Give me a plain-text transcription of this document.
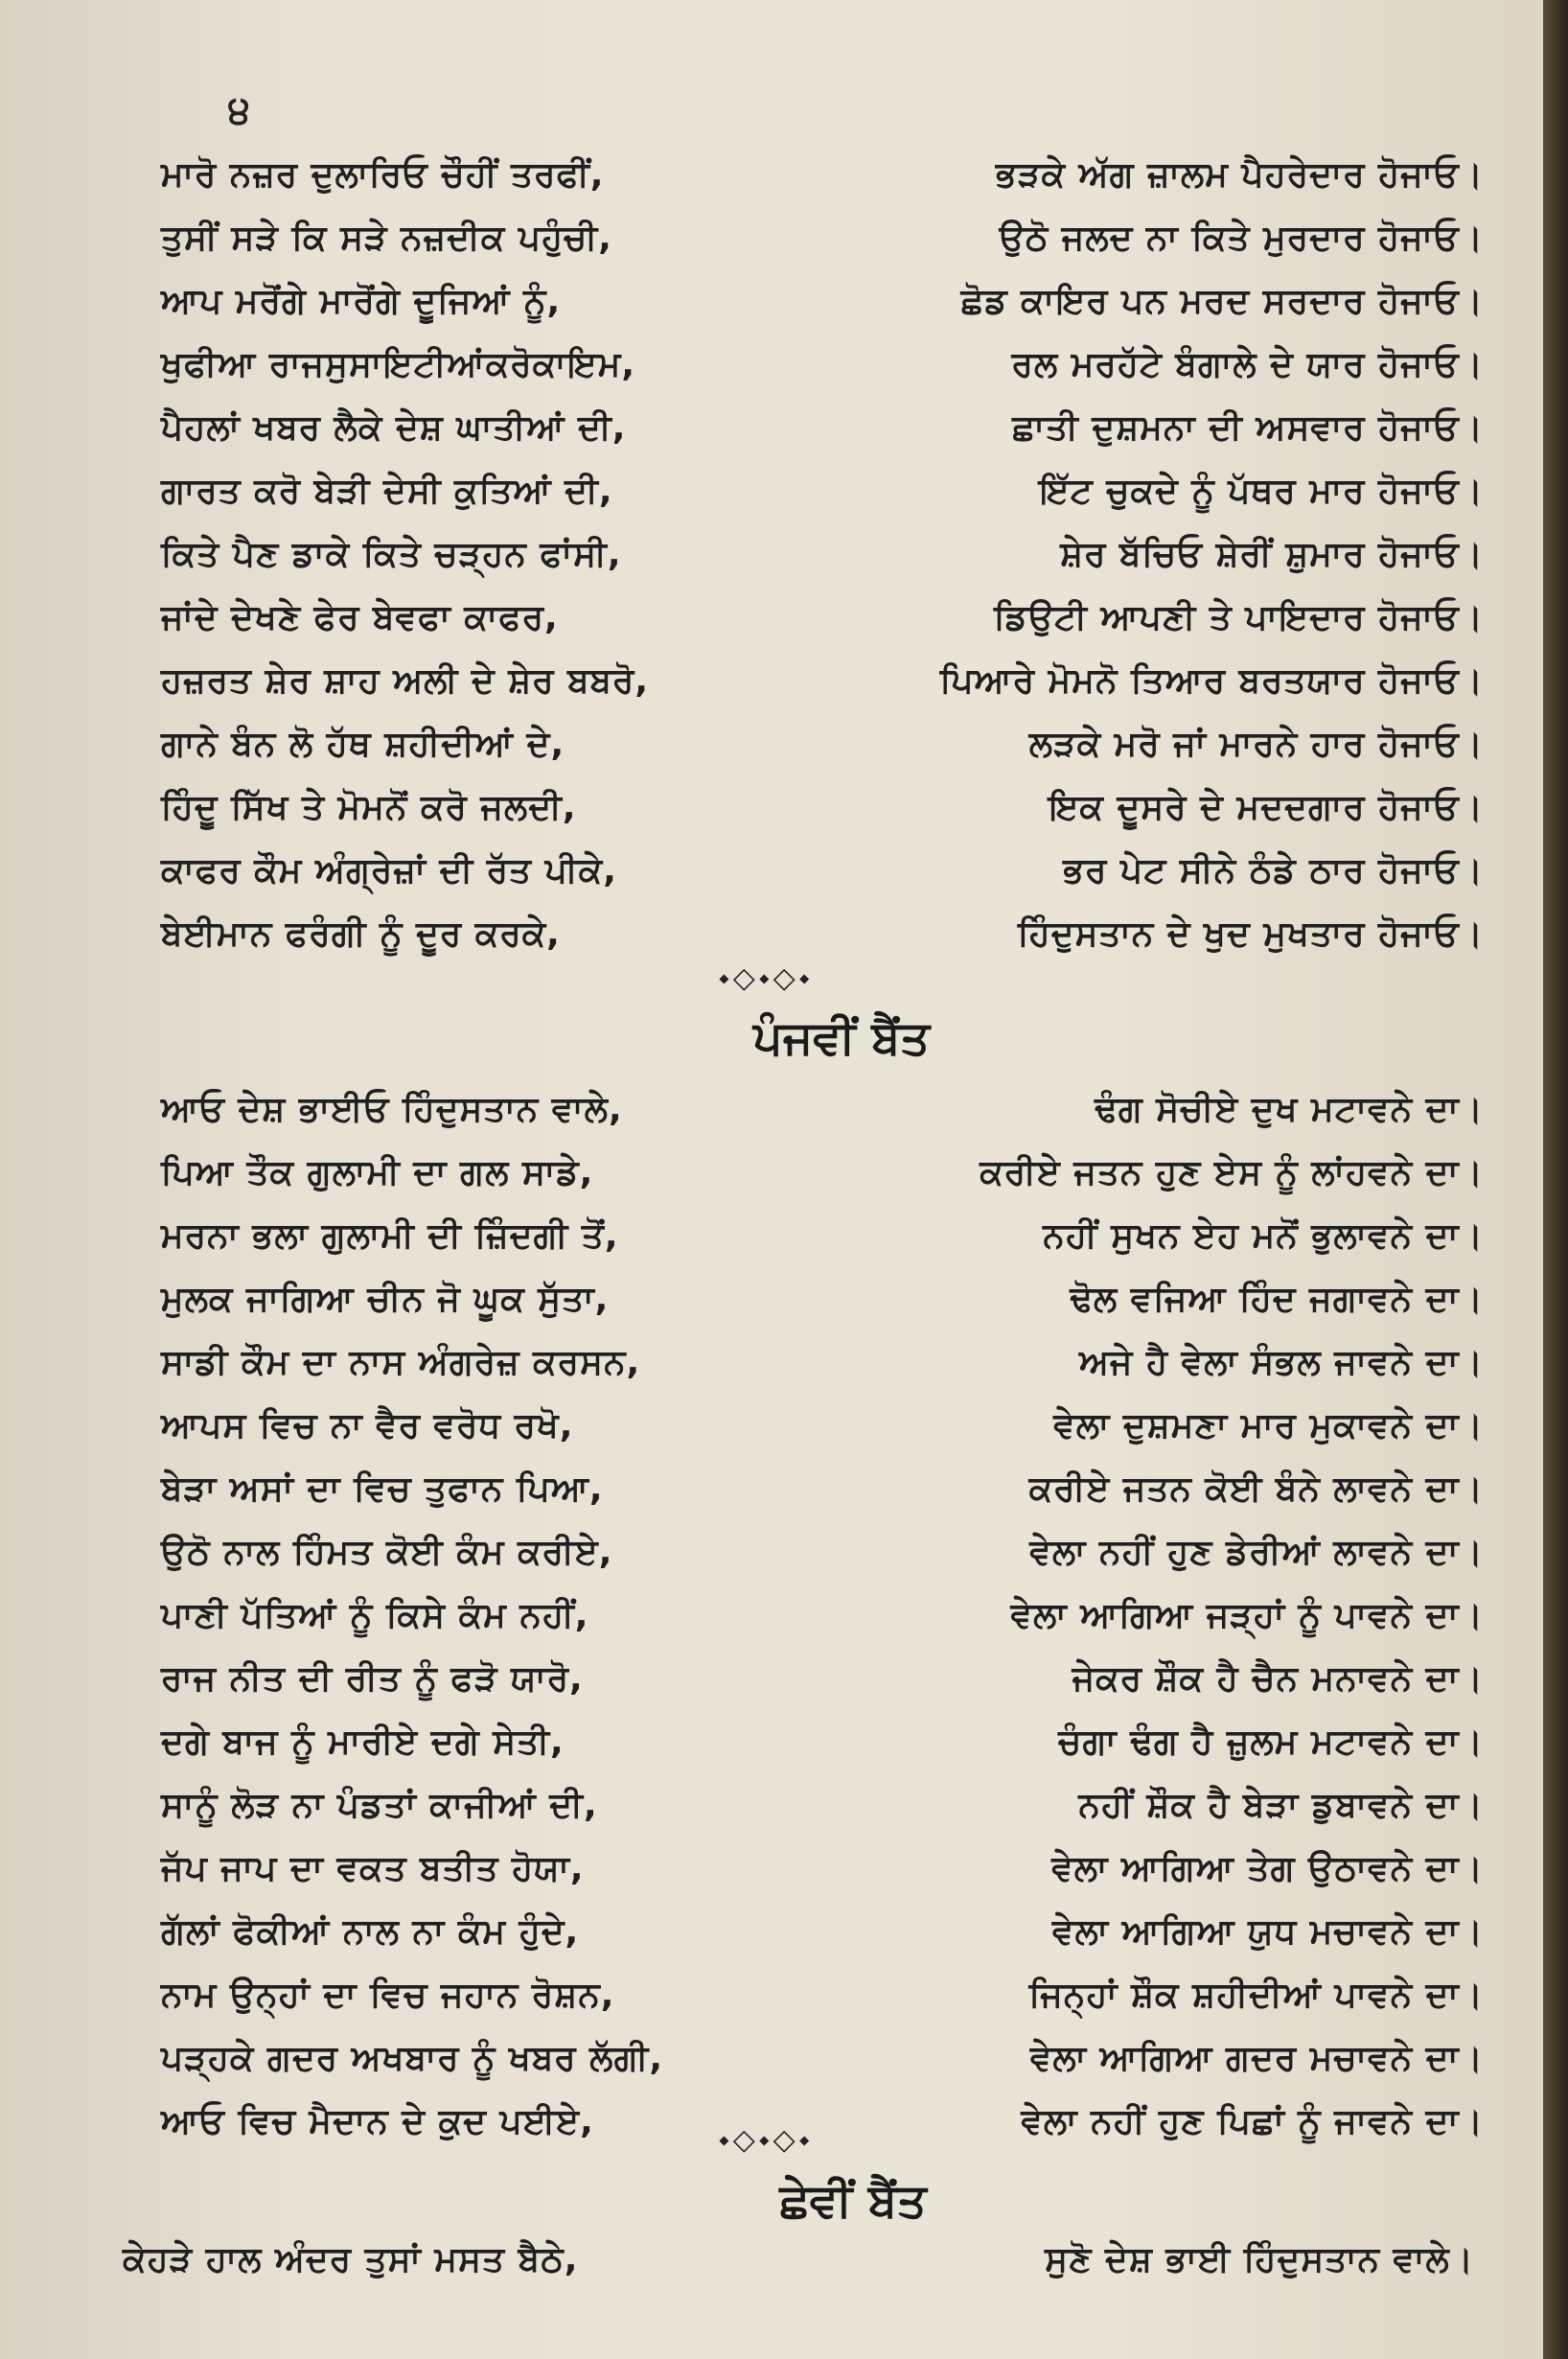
੪
ਮਾਰੋ ਨਜ਼ਰ ਦੁਲਾਰਿਓ ਚੌਹੀਂ ਤਰਫੀਂ,	ਭੜਕੇ ਅੱਗ ਜ਼ਾਲਮ ਪੈਹਰੇਦਾਰ ਹੋਜਾਓ।
ਤੁਸੀਂ ਸੜੇ ਕਿ ਸੜੇ ਨਜ਼ਦੀਕ ਪਹੁੰਚੀ,	ਉਠੋ ਜਲਦ ਨਾ ਕਿਤੇ ਮੁਰਦਾਰ ਹੋਜਾਓ।
ਆਪ ਮਰੋਂਗੇ ਮਾਰੋਂਗੇ ਦੂਜਿਆਂ ਨੂੰ,	ਛੋਡ ਕਾਇਰ ਪਨ ਮਰਦ ਸਰਦਾਰ ਹੋਜਾਓ।
ਖੁਫੀਆ ਰਾਜਸੁਸਾਇਟੀਆਂਕਰੋਕਾਇਮ,	ਰਲ ਮਰਹੱਟੇ ਬੰਗਾਲੇ ਦੇ ਯਾਰ ਹੋਜਾਓ।
ਪੈਹਲਾਂ ਖਬਰ ਲੈਕੇ ਦੇਸ਼ ਘਾਤੀਆਂ ਦੀ,	ਛਾਤੀ ਦੁਸ਼ਮਨਾ ਦੀ ਅਸਵਾਰ ਹੋਜਾਓ।
ਗਾਰਤ ਕਰੋ ਬੇੜੀ ਦੇਸੀ ਕੁਤਿਆਂ ਦੀ,	ਇੱਟ ਚੁਕਦੇ ਨੂੰ ਪੱਥਰ ਮਾਰ ਹੋਜਾਓ।
ਕਿਤੇ ਪੈਣ ਡਾਕੇ ਕਿਤੇ ਚੜ੍ਹਨ ਫਾਂਸੀ,	ਸ਼ੇਰ ਬੱਚਿਓ ਸ਼ੇਰੀਂ ਸ਼ੁਮਾਰ ਹੋਜਾਓ।
ਜਾਂਦੇ ਦੇਖਣੇ ਫੇਰ ਬੇਵਫਾ ਕਾਫਰ,	ਡਿਉਟੀ ਆਪਣੀ ਤੇ ਪਾਇਦਾਰ ਹੋਜਾਓ।
ਹਜ਼ਰਤ ਸ਼ੇਰ ਸ਼ਾਹ ਅਲੀ ਦੇ ਸ਼ੇਰ ਬਬਰੋ,	ਪਿਆਰੇ ਮੋਮਨੋ ਤਿਆਰ ਬਰਤਯਾਰ ਹੋਜਾਓ।
ਗਾਨੇ ਬੰਨ ਲੋ ਹੱਥ ਸ਼ਹੀਦੀਆਂ ਦੇ,	ਲੜਕੇ ਮਰੋ ਜਾਂ ਮਾਰਨੇ ਹਾਰ ਹੋਜਾਓ।
ਹਿੰਦੂ ਸਿੱਖ ਤੇ ਮੋਮਨੋਂ ਕਰੋ ਜਲਦੀ,	ਇਕ ਦੂਸਰੇ ਦੇ ਮਦਦਗਾਰ ਹੋਜਾਓ।
ਕਾਫਰ ਕੌਮ ਅੰਗ੍ਰੇਜ਼ਾਂ ਦੀ ਰੱਤ ਪੀਕੇ,	ਭਰ ਪੇਟ ਸੀਨੇ ਠੰਡੇ ਠਾਰ ਹੋਜਾਓ।
ਬੇਈਮਾਨ ਫਰੰਗੀ ਨੂੰ ਦੂਰ ਕਰਕੇ,	ਹਿੰਦੁਸਤਾਨ ਦੇ ਖੁਦ ਮੁਖਤਾਰ ਹੋਜਾਓ।
⬩◇⬩◇⬩
ਪੰਜਵੀਂ ਬੈਂਤ
ਆਓ ਦੇਸ਼ ਭਾਈਓ ਹਿੰਦੁਸਤਾਨ ਵਾਲੇ,	ਢੰਗ ਸੋਚੀਏ ਦੁਖ ਮਟਾਵਨੇ ਦਾ।
ਪਿਆ ਤੌਕ ਗੁਲਾਮੀ ਦਾ ਗਲ ਸਾਡੇ,	ਕਰੀਏ ਜਤਨ ਹੁਣ ਏਸ ਨੂੰ ਲਾਂਹਵਨੇ ਦਾ।
ਮਰਨਾ ਭਲਾ ਗੁਲਾਮੀ ਦੀ ਜ਼ਿੰਦਗੀ ਤੋਂ,	ਨਹੀਂ ਸੁਖਨ ਏਹ ਮਨੋਂ ਭੁਲਾਵਨੇ ਦਾ।
ਮੁਲਕ ਜਾਗਿਆ ਚੀਨ ਜੋ ਘੂਕ ਸੁੱਤਾ,	ਢੋਲ ਵਜਿਆ ਹਿੰਦ ਜਗਾਵਨੇ ਦਾ।
ਸਾਡੀ ਕੌਮ ਦਾ ਨਾਸ ਅੰਗਰੇਜ਼ ਕਰਸਨ,	ਅਜੇ ਹੈ ਵੇਲਾ ਸੰਭਲ ਜਾਵਨੇ ਦਾ।
ਆਪਸ ਵਿਚ ਨਾ ਵੈਰ ਵਰੋਧ ਰਖੋ,	ਵੇਲਾ ਦੁਸ਼ਮਣਾ ਮਾਰ ਮੁਕਾਵਨੇ ਦਾ।
ਬੇੜਾ ਅਸਾਂ ਦਾ ਵਿਚ ਤੁਫਾਨ ਪਿਆ,	ਕਰੀਏ ਜਤਨ ਕੋਈ ਬੰਨੇ ਲਾਵਨੇ ਦਾ।
ਉਠੋ ਨਾਲ ਹਿੰਮਤ ਕੋਈ ਕੰਮ ਕਰੀਏ,	ਵੇਲਾ ਨਹੀਂ ਹੁਣ ਡੇਰੀਆਂ ਲਾਵਨੇ ਦਾ।
ਪਾਣੀ ਪੱਤਿਆਂ ਨੂੰ ਕਿਸੇ ਕੰਮ ਨਹੀਂ,	ਵੇਲਾ ਆਗਿਆ ਜੜ੍ਹਾਂ ਨੂੰ ਪਾਵਨੇ ਦਾ।
ਰਾਜ ਨੀਤ ਦੀ ਰੀਤ ਨੂੰ ਫੜੋ ਯਾਰੋ,	ਜੇਕਰ ਸ਼ੌਕ ਹੈ ਚੈਨ ਮਨਾਵਨੇ ਦਾ।
ਦਗੇ ਬਾਜ ਨੂੰ ਮਾਰੀਏ ਦਗੇ ਸੇਤੀ,	ਚੰਗਾ ਢੰਗ ਹੈ ਜ਼ੁਲਮ ਮਟਾਵਨੇ ਦਾ।
ਸਾਨੂੰ ਲੋੜ ਨਾ ਪੰਡਤਾਂ ਕਾਜੀਆਂ ਦੀ,	ਨਹੀਂ ਸ਼ੌਕ ਹੈ ਬੇੜਾ ਡੁਬਾਵਨੇ ਦਾ।
ਜੱਪ ਜਾਪ ਦਾ ਵਕਤ ਬਤੀਤ ਹੋਯਾ,	ਵੇਲਾ ਆਗਿਆ ਤੇਗ ਉਠਾਵਨੇ ਦਾ।
ਗੱਲਾਂ ਫੋਕੀਆਂ ਨਾਲ ਨਾ ਕੰਮ ਹੁੰਦੇ,	ਵੇਲਾ ਆਗਿਆ ਯੁਧ ਮਚਾਵਨੇ ਦਾ।
ਨਾਮ ਉਨ੍ਹਾਂ ਦਾ ਵਿਚ ਜਹਾਨ ਰੋਸ਼ਨ,	ਜਿਨ੍ਹਾਂ ਸ਼ੌਕ ਸ਼ਹੀਦੀਆਂ ਪਾਵਨੇ ਦਾ।
ਪੜ੍ਹਕੇ ਗਦਰ ਅਖਬਾਰ ਨੂੰ ਖਬਰ ਲੱਗੀ,	ਵੇਲਾ ਆਗਿਆ ਗਦਰ ਮਚਾਵਨੇ ਦਾ।
ਆਓ ਵਿਚ ਮੈਦਾਨ ਦੇ ਕੁਦ ਪਈਏ,	ਵੇਲਾ ਨਹੀਂ ਹੁਣ ਪਿਛਾਂ ਨੂੰ ਜਾਵਨੇ ਦਾ।
⬩◇⬩◇⬩
ਛੇਵੀਂ ਬੈਂਤ
ਕੇਹੜੇ ਹਾਲ ਅੰਦਰ ਤੁਸਾਂ ਮਸਤ ਬੈਠੇ,	ਸੁਣੋ ਦੇਸ਼ ਭਾਈ ਹਿੰਦੁਸਤਾਨ ਵਾਲੇ।
